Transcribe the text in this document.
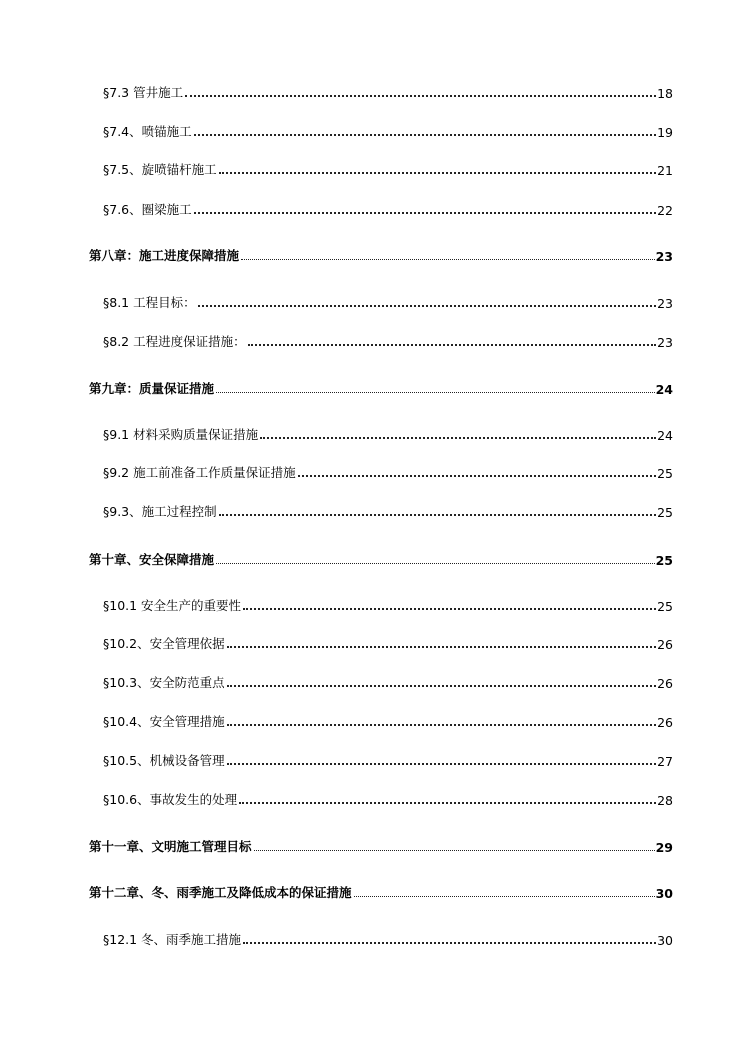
§7.3 管井施工	18
§7.4、喷锚施工	19
§7.5、旋喷锚杆施工	21
§7.6、圈梁施工	22
第八章：施工进度保障措施	23
§8.1 工程目标：	23
§8.2 工程进度保证措施：	23
第九章：质量保证措施	24
§9.1 材料采购质量保证措施	24
§9.2 施工前准备工作质量保证措施	25
§9.3、施工过程控制	25
第十章、安全保障措施	25
§10.1 安全生产的重要性	25
§10.2、安全管理依据	26
§10.3、安全防范重点	26
§10.4、安全管理措施	26
§10.5、机械设备管理	27
§10.6、事故发生的处理	28
第十一章、文明施工管理目标	29
第十二章、冬、雨季施工及降低成本的保证措施	30
§12.1 冬、雨季施工措施	30
